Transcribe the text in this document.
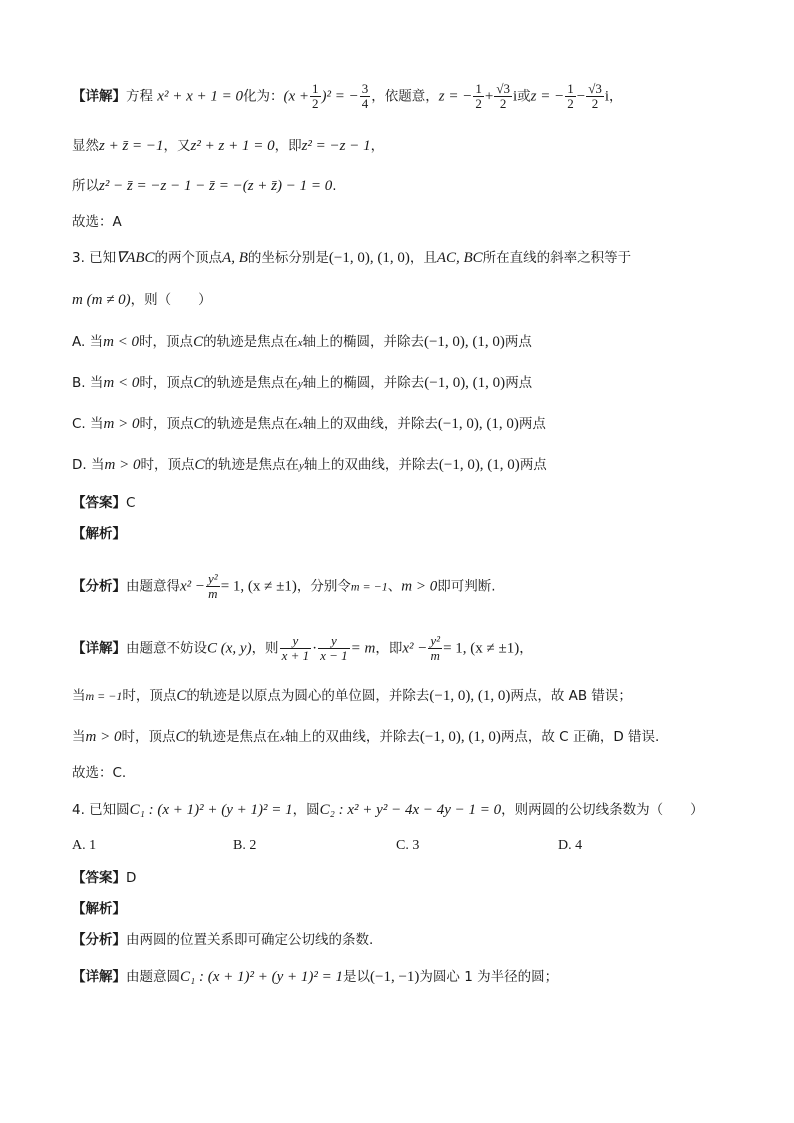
【详解】方程 x² + x + 1 = 0化为：$(x + \frac{1}{2} )^2$ = − $\frac{3}{4}$ ，依题意，z = − $\frac{1}{2} + \frac{√3}{2}$ i或z = − $\frac{1}{2} - \frac{√3}{2}$ i，
显然z + z̄ = −1，又z² + z + 1 = 0，即z² = −z − 1，
所以z² − z̄ = −z − 1 − z̄ = −(z + z̄) − 1 = 0.
故选：A
3. 已知∇ABC的两个顶点A, B的坐标分别是(−1, 0), (1, 0)，且AC, BC所在直线的斜率之积等于
m (m ≠ 0)，则（　　）
A. 当m < 0时，顶点C的轨迹是焦点在x轴上的椭圆，并除去(−1, 0), (1, 0)两点
B. 当m < 0时，顶点C的轨迹是焦点在y轴上的椭圆，并除去(−1, 0), (1, 0)两点
C. 当m > 0时，顶点C的轨迹是焦点在x轴上的双曲线，并除去(−1, 0), (1, 0)两点
D. 当m > 0时，顶点C的轨迹是焦点在y轴上的双曲线，并除去(−1, 0), (1, 0)两点
【答案】C
【解析】
【分析】由题意得$x^2 - \frac{\text{y²}}{m} = 1$, (x ≠ ±1)，分别令m = −1、m > 0即可判断.
【详解】由题意不妨设C (x, y)，则 $\frac{y}{x + 1} \cdot \frac{y}{x - 1} = m$，即$x^2 - \frac{\text{y²}}{m} = 1$, (x ≠ ±1)，
当m = −1时，顶点C的轨迹是以原点为圆心的单位圆，并除去(−1, 0), (1, 0)两点，故 AB 错误；
当m > 0时，顶点C的轨迹是焦点在x轴上的双曲线，并除去(−1, 0), (1, 0)两点，故 C 正确，D 错误.
故选：C.
4. 已知圆C₁ : (x + 1)² + (y + 1)² = 1，圆C₂ : x² + y² − 4x − 4y − 1 = 0，则两圆的公切线条数为（　　）
A. 1	B. 2	C. 3	D. 4
【答案】D
【解析】
【分析】由两圆的位置关系即可确定公切线的条数.
【详解】由题意圆C₁ : (x + 1)² + (y + 1)² = 1是以(−1, −1)为圆心 1 为半径的圆；
